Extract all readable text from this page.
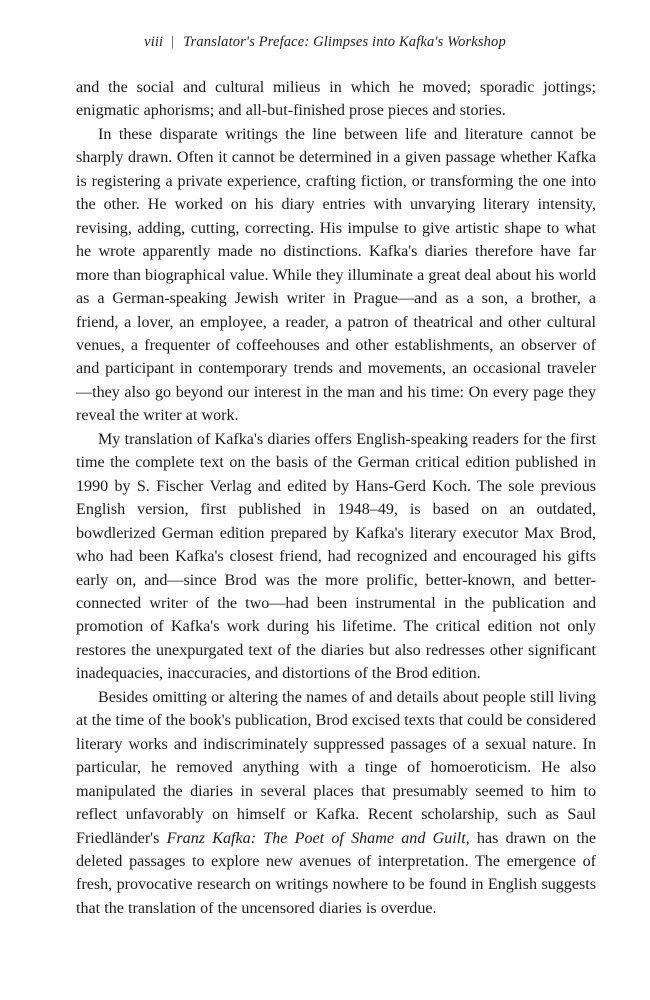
viii | Translator's Preface: Glimpses into Kafka's Workshop

and the social and cultural milieus in which he moved; sporadic jottings; enigmatic aphorisms; and all-but-finished prose pieces and stories.

In these disparate writings the line between life and literature cannot be sharply drawn. Often it cannot be determined in a given passage whether Kafka is registering a private experience, crafting fiction, or transforming the one into the other. He worked on his diary entries with unvarying literary intensity, revising, adding, cutting, correcting. His impulse to give artistic shape to what he wrote apparently made no distinctions. Kafka's diaries therefore have far more than biographical value. While they illuminate a great deal about his world as a German-speaking Jewish writer in Prague—and as a son, a brother, a friend, a lover, an employee, a reader, a patron of theatrical and other cultural venues, a frequenter of coffeehouses and other establishments, an observer of and participant in contemporary trends and movements, an occasional traveler—they also go beyond our interest in the man and his time: On every page they reveal the writer at work.

My translation of Kafka's diaries offers English-speaking readers for the first time the complete text on the basis of the German critical edition published in 1990 by S. Fischer Verlag and edited by Hans-Gerd Koch. The sole previous English version, first published in 1948–49, is based on an outdated, bowdlerized German edition prepared by Kafka's literary executor Max Brod, who had been Kafka's closest friend, had recognized and encouraged his gifts early on, and—since Brod was the more prolific, better-known, and better-connected writer of the two—had been instrumental in the publication and promotion of Kafka's work during his lifetime. The critical edition not only restores the unexpurgated text of the diaries but also redresses other significant inadequacies, inaccuracies, and distortions of the Brod edition.

Besides omitting or altering the names of and details about people still living at the time of the book's publication, Brod excised texts that could be considered literary works and indiscriminately suppressed passages of a sexual nature. In particular, he removed anything with a tinge of homoeroticism. He also manipulated the diaries in several places that presumably seemed to him to reflect unfavorably on himself or Kafka. Recent scholarship, such as Saul Friedländer's Franz Kafka: The Poet of Shame and Guilt, has drawn on the deleted passages to explore new avenues of interpretation. The emergence of fresh, provocative research on writings nowhere to be found in English suggests that the translation of the uncensored diaries is overdue.
